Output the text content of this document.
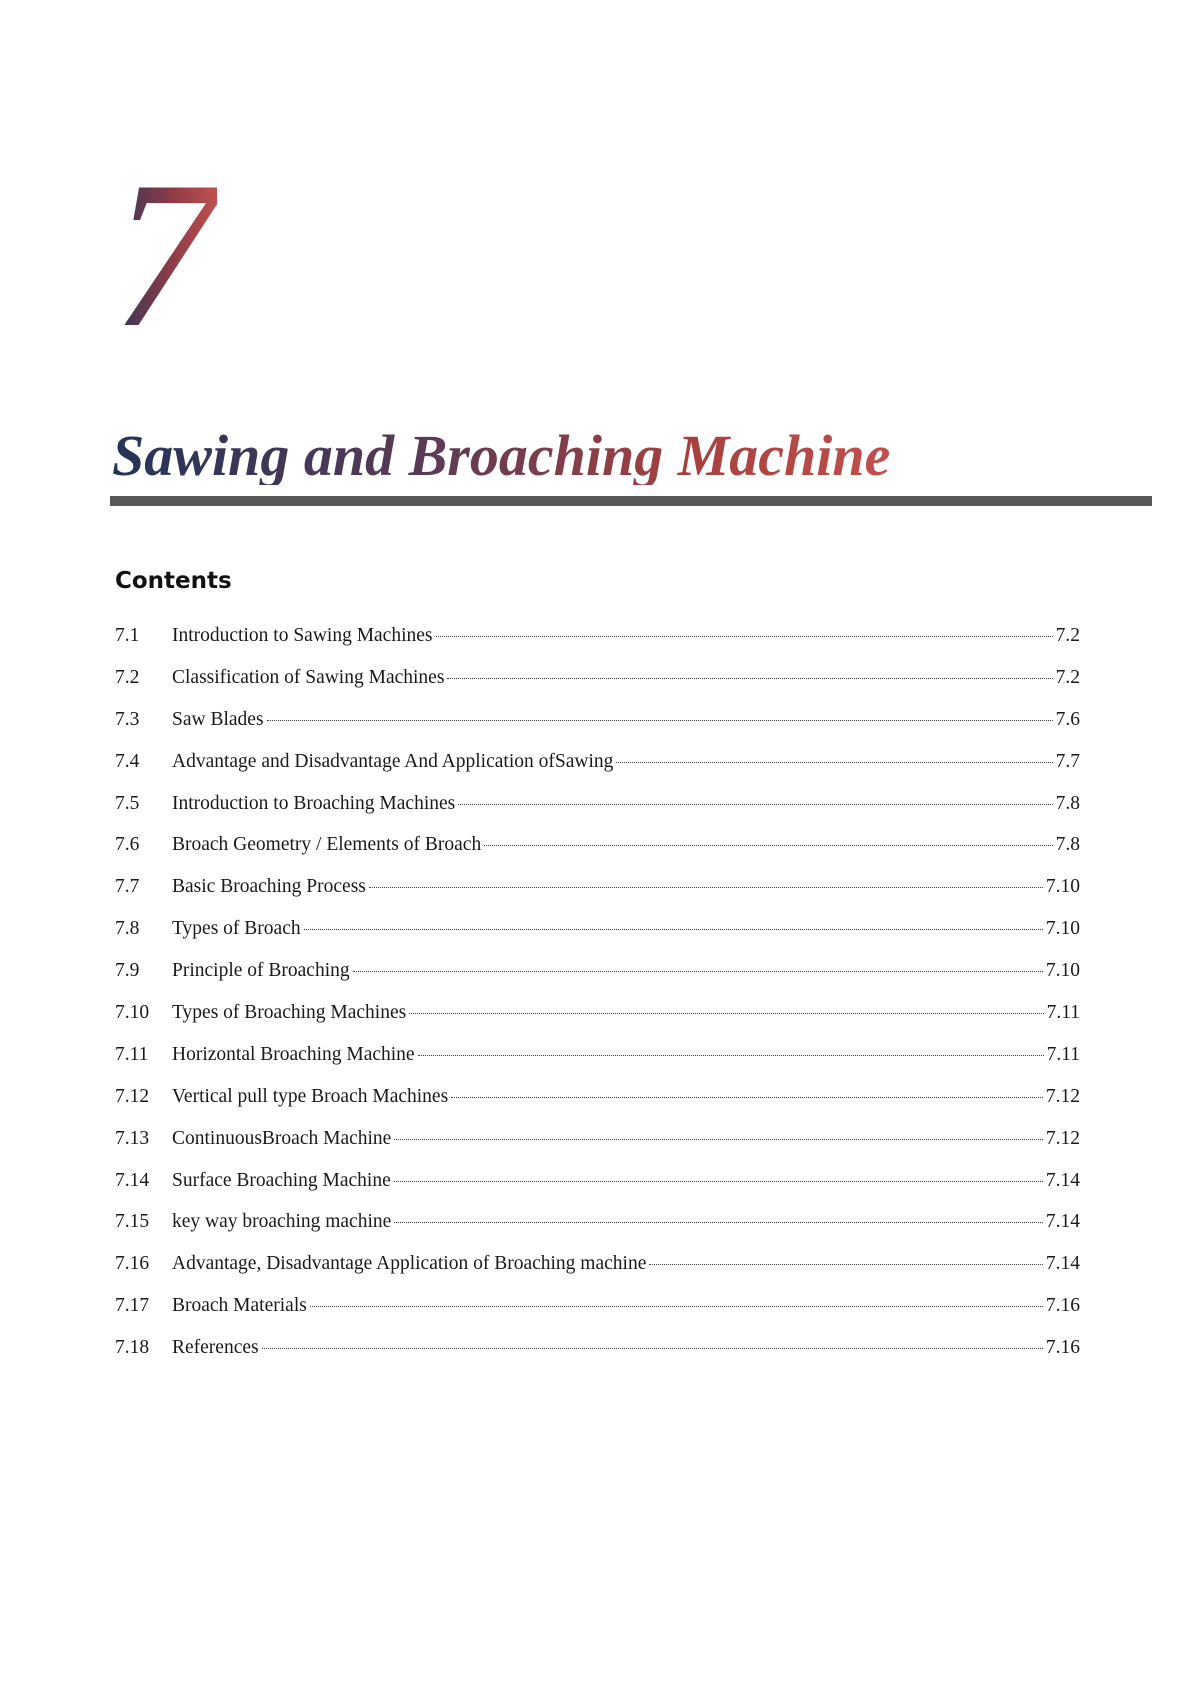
7
Sawing and Broaching Machine
Contents
7.1	Introduction to Sawing Machines	7.2
7.2	Classification of Sawing Machines	7.2
7.3	Saw Blades	7.6
7.4	Advantage and Disadvantage And Application ofSawing	7.7
7.5	Introduction to Broaching Machines	7.8
7.6	Broach Geometry / Elements of Broach	7.8
7.7	Basic Broaching Process	7.10
7.8	Types of Broach	7.10
7.9	Principle of Broaching	7.10
7.10	Types of Broaching Machines	7.11
7.11	Horizontal Broaching Machine	7.11
7.12	Vertical pull type Broach Machines	7.12
7.13	ContinuousBroach Machine	7.12
7.14	Surface Broaching Machine	7.14
7.15	key way broaching machine	7.14
7.16	Advantage, Disadvantage Application of Broaching machine	7.14
7.17	Broach Materials	7.16
7.18	References	7.16
